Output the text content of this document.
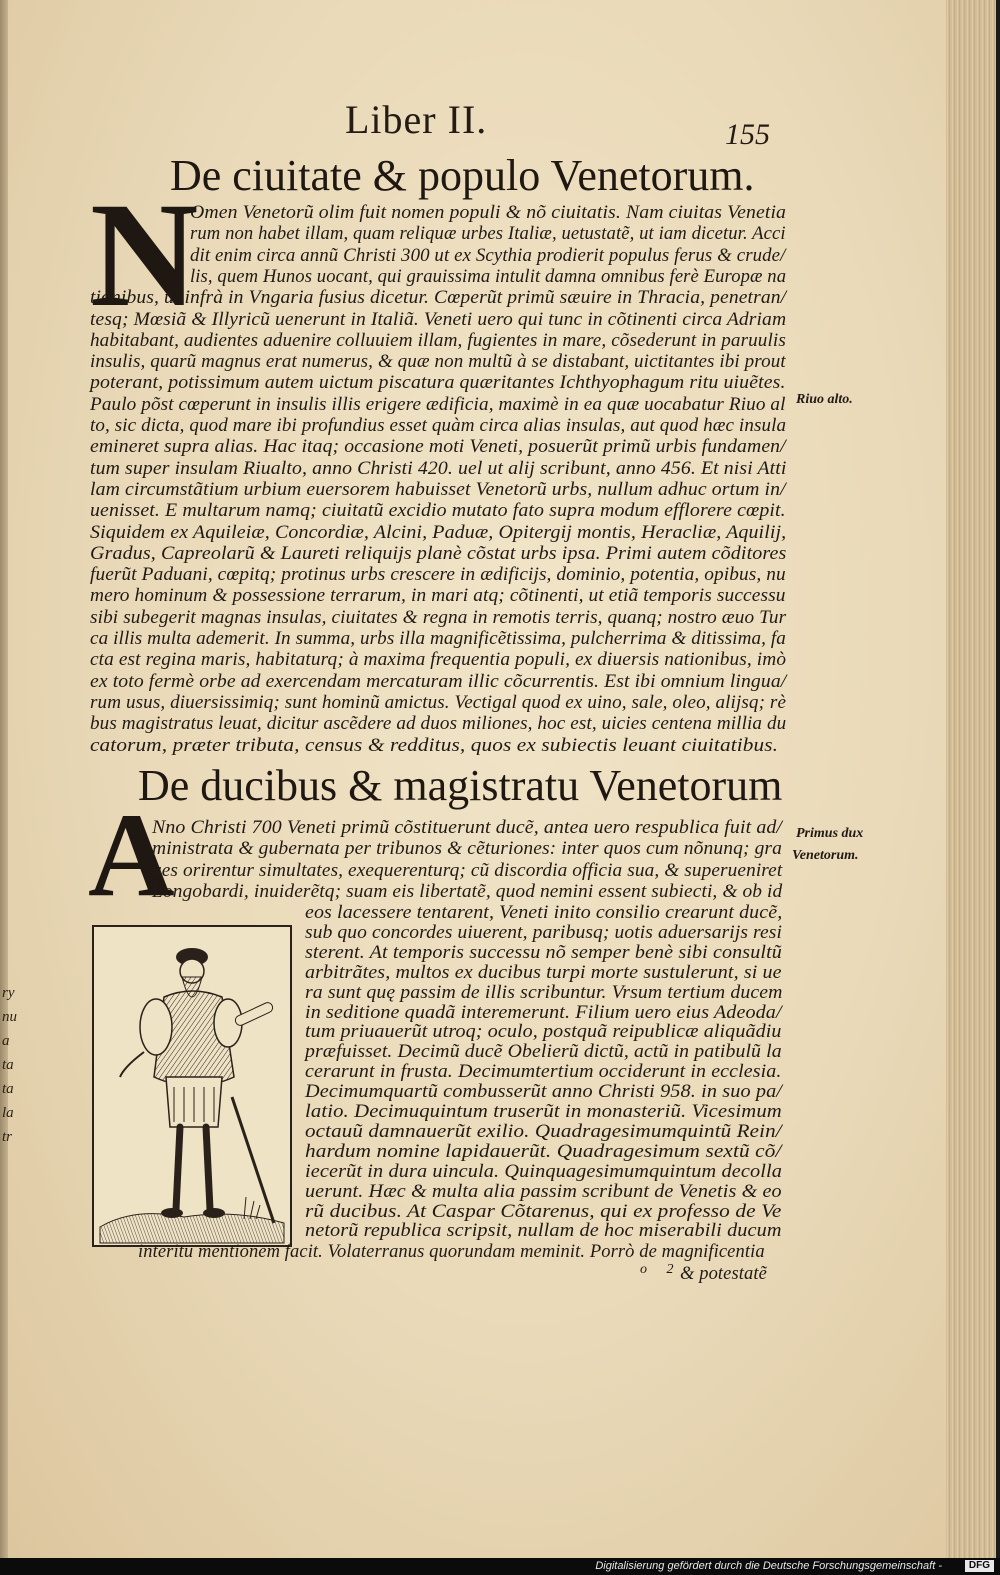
ry
nu
a
ta
ta
la
tr
Liber II.	155
De ciuitate & populo Venetorum.
N
Omen Venetorũ olim fuit nomen populi & nõ ciuitatis. Nam ciuitas Venetia
rum non habet illam, quam reliquæ urbes Italiæ, uetustatẽ, ut iam dicetur. Acci
dit enim circa annũ Christi 300 ut ex Scythia prodierit populus ferus & crude/
lis, quem Hunos uocant, qui grauissima intulit damna omnibus ferè Europæ na
tionibus, ut infrà in Vngaria fusius dicetur. Cœperũt primũ sæuire in Thracia, penetran/
tesq; Mœsiã & Illyricũ uenerunt in Italiã. Veneti uero qui tunc in cõtinenti circa Adriam
habitabant, audientes aduenire colluuiem illam, fugientes in mare, cõsederunt in paruulis
insulis, quarũ magnus erat numerus, & quæ non multũ à se distabant, uictitantes ibi prout
poterant, potissimum autem uictum piscatura quæritantes Ichthyophagum ritu uiuẽtes.
Paulo põst cœperunt in insulis illis erigere ædificia, maximè in ea quæ uocabatur Riuo al
to, sic dicta, quod mare ibi profundius esset quàm circa alias insulas, aut quod hæc insula
emineret supra alias. Hac itaq; occasione moti Veneti, posuerũt primũ urbis fundamen/
tum super insulam Riualto, anno Christi 420. uel ut alij scribunt, anno 456. Et nisi Atti
lam circumstãtium urbium euersorem habuisset Venetorũ urbs, nullum adhuc ortum in/
uenisset. E multarum namq; ciuitatũ excidio mutato fato supra modum efflorere cœpit.
Siquidem ex Aquileiæ, Concordiæ, Alcini, Paduæ, Opitergij montis, Heracliæ, Aquilij,
Gradus, Capreolarũ & Laureti reliquijs planè cõstat urbs ipsa. Primi autem cõditores
fuerũt Paduani, cœpitq; protinus urbs crescere in ædificijs, dominio, potentia, opibus, nu
mero hominum & possessione terrarum, in mari atq; cõtinenti, ut etiã temporis successu
sibi subegerit magnas insulas, ciuitates & regna in remotis terris, quanq; nostro æuo Tur
ca illis multa ademerit. In summa, urbs illa magnificẽtissima, pulcherrima & ditissima, fa
cta est regina maris, habitaturq; à maxima frequentia populi, ex diuersis nationibus, imò
ex toto fermè orbe ad exercendam mercaturam illic cõcurrentis. Est ibi omnium lingua/
rum usus, diuersissimiq; sunt hominũ amictus. Vectigal quod ex uino, sale, oleo, alijsq; rè
bus magistratus leuat, dicitur ascẽdere ad duos miliones, hoc est, uicies centena millia du
catorum, præter tributa, census & redditus, quos ex subiectis leuant ciuitatibus.
Riuo alto.
De ducibus & magistratu Venetorum
A	Primus dux
Venetorum.
Nno Christi 700 Veneti primũ cõstituerunt ducẽ, antea uero respublica fuit ad/
ministrata & gubernata per tribunos & cẽturiones: inter quos cum nõnunq; gra
ues orirentur simultates, exequerenturq; cũ discordia officia sua, & superueniret
Longobardi, inuiderẽtq; suam eis libertatẽ, quod nemini essent subiecti, & ob id
eos lacessere tentarent, Veneti inito consilio crearunt ducẽ,
sub quo concordes uiuerent, paribusq; uotis aduersarijs resi
sterent. At temporis successu nõ semper benè sibi consultũ
arbitrãtes, multos ex ducibus turpi morte sustulerunt, si ue
ra sunt quę passim de illis scribuntur. Vrsum tertium ducem
in seditione quadã interemerunt. Filium uero eius Adeoda/
tum priuauerũt utroq; oculo, postquã reipublicæ aliquãdiu
præfuisset. Decimũ ducẽ Obelierũ dictũ, actũ in patibulũ la
cerarunt in frusta. Decimumtertium occiderunt in ecclesia.
Decimumquartũ combusserũt anno Christi 958. in suo pa/
latio. Decimuquintum truserũt in monasteriũ. Vicesimum
octauũ damnauerũt exilio. Quadragesimumquintũ Rein/
hardum nomine lapidauerũt. Quadragesimum sextũ cõ/
iecerũt in dura uincula. Quinquagesimumquintum decolla
uerunt. Hæc & multa alia passim scribunt de Venetis & eo
rũ ducibus. At Caspar Cõtarenus, qui ex professo de Ve
netorũ republica scripsit, nullam de hoc miserabili ducum
interitu mentionem facit. Volaterranus quorundam meminit. Porrò de magnificentia
& potestatẽ
o 2
Digitalisierung gefördert durch die Deutsche Forschungsgemeinschaft -	DFG
